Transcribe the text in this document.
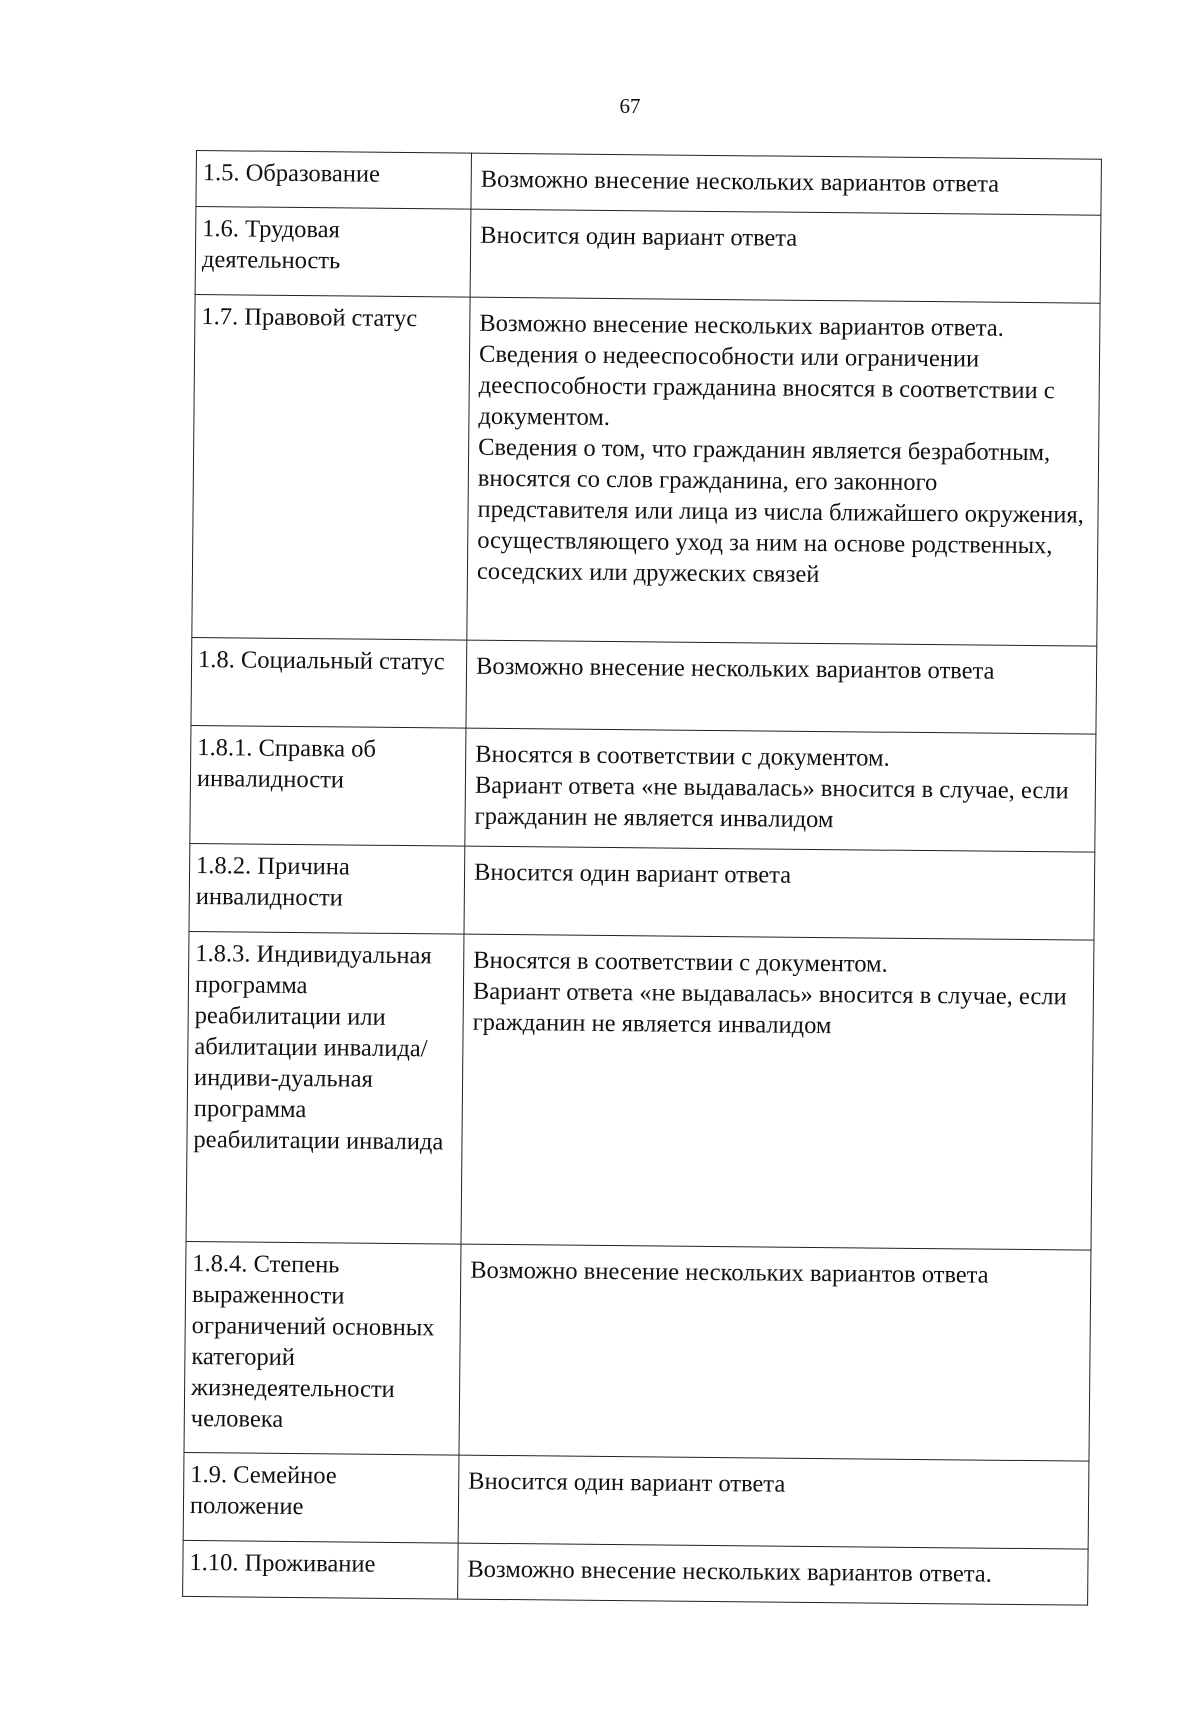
67
1.5. Образование	Возможно внесение нескольких вариантов ответа

1.6. Трудовая деятельность	Вносится один вариант ответа

1.7. Правовой статус	Возможно внесение нескольких вариантов ответа.
Сведения о недееспособности или ограничении дееспособности гражданина вносятся в соответствии с документом.
Сведения о том, что гражданин является безработным, вносятся со слов гражданина, его законного представителя или лица из числа ближайшего окружения, осуществляющего уход за ним на основе родственных, соседских или дружеских связей

1.8. Социальный статус	Возможно внесение нескольких вариантов ответа

1.8.1. Справка об инвалидности	Вносятся в соответствии с документом.
Вариант ответа «не выдавалась» вносится в случае, если гражданин не является инвалидом

1.8.2. Причина инвалидности	Вносится один вариант ответа

1.8.3. Индивидуальная программа реабилитации или абилитации инвалида/индиви-дуальная программа реабилитации инвалида	Вносятся в соответствии с документом.
Вариант ответа «не выдавалась» вносится в случае, если гражданин не является инвалидом

1.8.4. Степень выраженности ограничений основных категорий жизнедеятельности человека	Возможно внесение нескольких вариантов ответа

1.9. Семейное положение	Вносится один вариант ответа

1.10. Проживание	Возможно внесение нескольких вариантов ответа.
